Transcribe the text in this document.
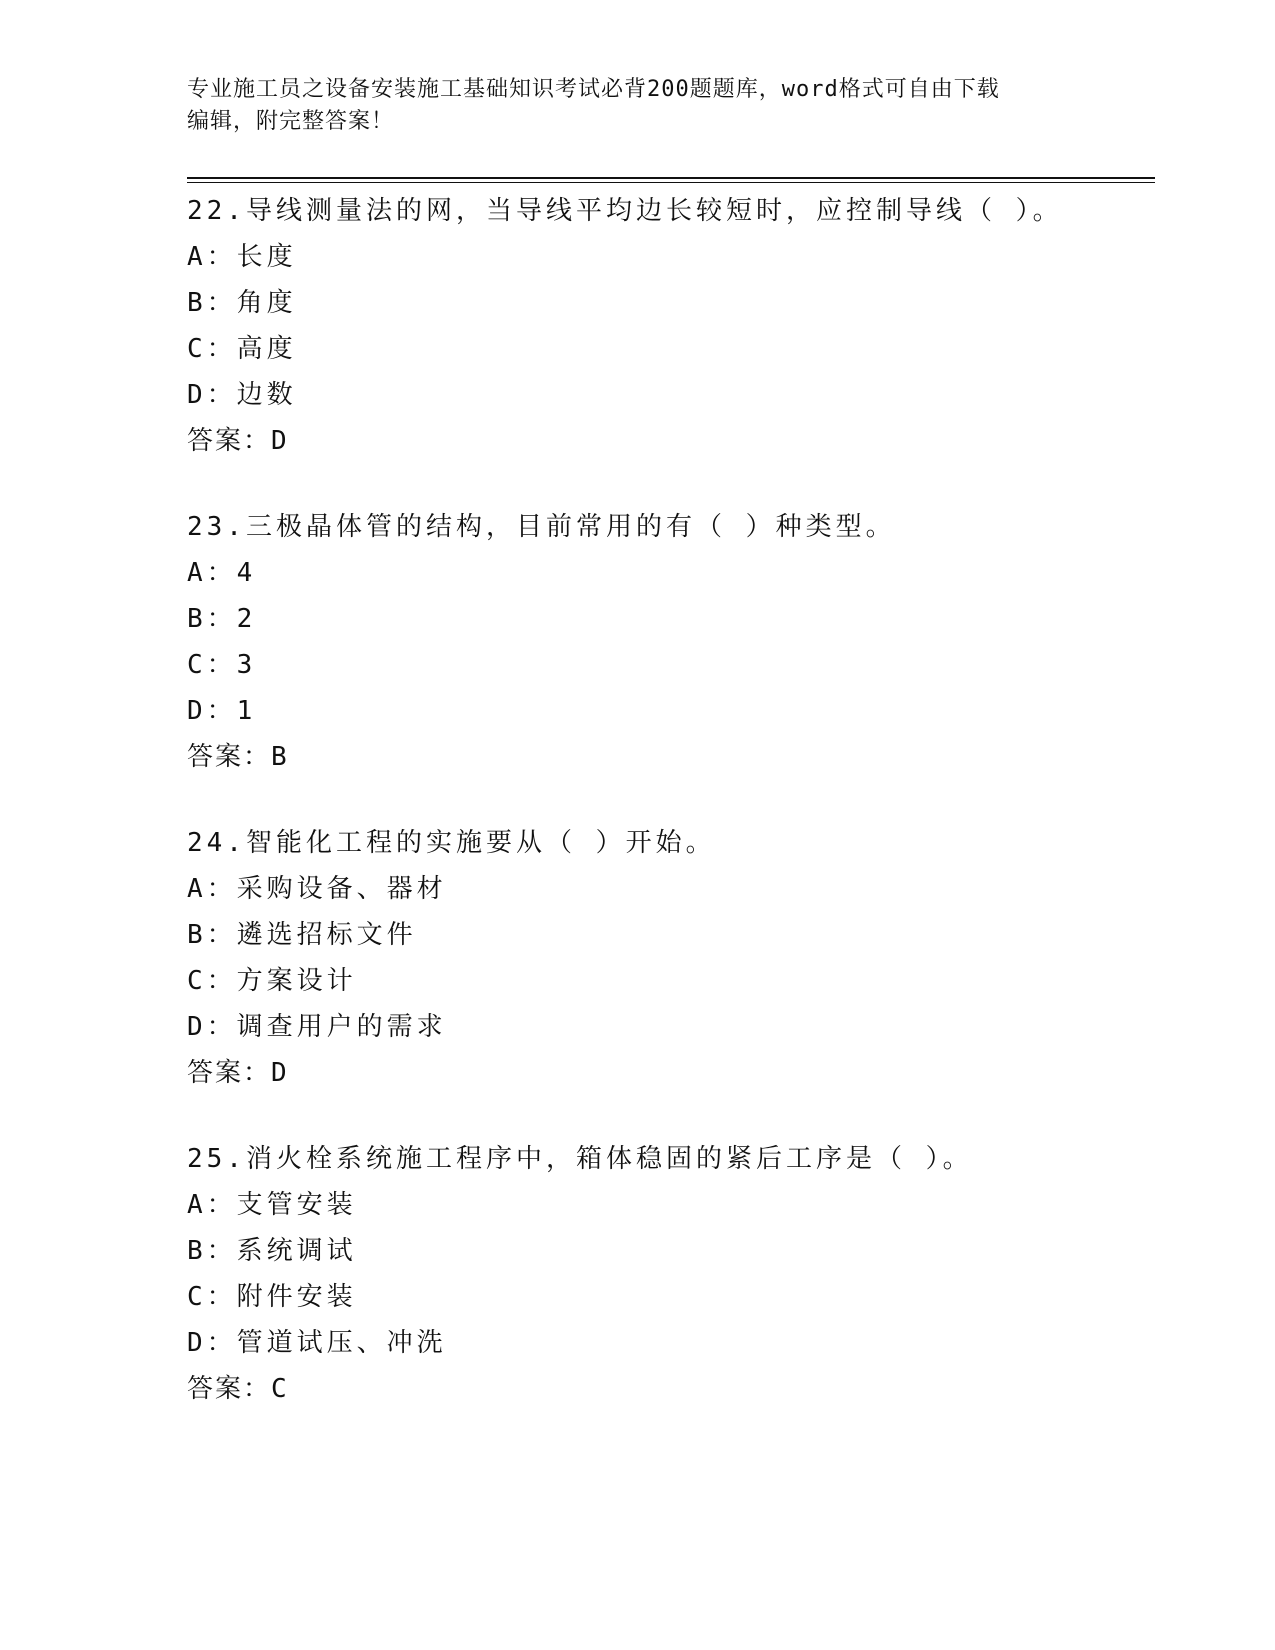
专业施工员之设备安装施工基础知识考试必背200题题库，word格式可自由下载
编辑，附完整答案！
22.导线测量法的网，当导线平均边长较短时，应控制导线（ ）。
A：长度
B：角度
C：高度
D：边数
答案：D
23.三极晶体管的结构，目前常用的有（ ）种类型。
A：4
B：2
C：3
D：1
答案：B
24.智能化工程的实施要从（ ）开始。
A：采购设备、器材
B：遴选招标文件
C：方案设计
D：调查用户的需求
答案：D
25.消火栓系统施工程序中，箱体稳固的紧后工序是（ ）。
A：支管安装
B：系统调试
C：附件安装
D：管道试压、冲洗
答案：C
